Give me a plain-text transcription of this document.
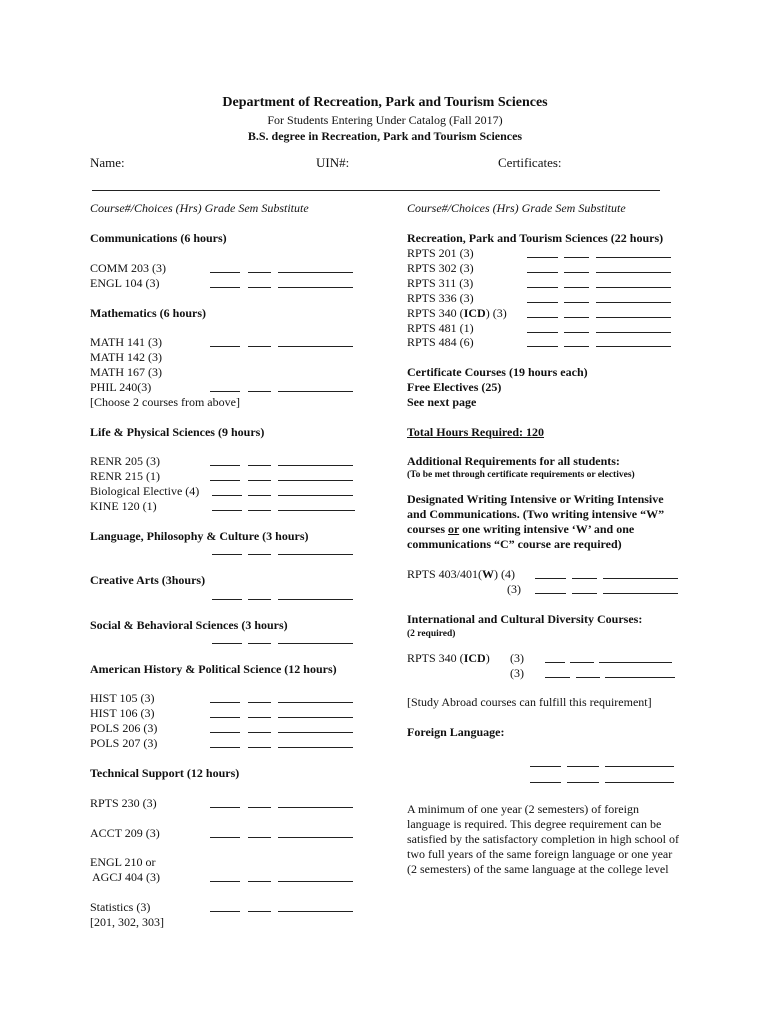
Department of Recreation, Park and Tourism Sciences

For Students Entering Under Catalog (Fall 2017)

B.S. degree in Recreation, Park and Tourism Sciences

Name:	UIN#:	Certificates:
Course#/Choices (Hrs) Grade Sem Substitute	Course#/Choices (Hrs) Grade Sem Substitute
Communications (6 hours)
COMM 203 (3)
ENGL 104 (3)
Mathematics (6 hours)
MATH 141 (3)
MATH 142 (3)
MATH 167 (3)
PHIL 240(3)
[Choose 2 courses from above]
Life & Physical Sciences (9 hours)
RENR 205 (3)
RENR 215 (1)
Biological Elective (4)
KINE 120 (1)
Language, Philosophy & Culture (3 hours)
Creative Arts (3hours)
Social & Behavioral Sciences (3 hours)
American History & Political Science (12 hours)
HIST 105 (3)
HIST 106 (3)
POLS 206 (3)
POLS 207 (3)
Technical Support (12 hours)
RPTS 230 (3)
ACCT 209 (3)
ENGL 210 or
AGCJ 404 (3)
Statistics (3)
[201, 302, 303]
Recreation, Park and Tourism Sciences (22 hours)
RPTS 201 (3)
RPTS 302 (3)
RPTS 311 (3)
RPTS 336 (3)
RPTS 340 (ICD) (3)
RPTS 481 (1)
RPTS 484 (6)
Certificate Courses (19 hours each)
Free Electives (25)
See next page
Total Hours Required: 120
Additional Requirements for all students:
(To be met through certificate requirements or electives)
Designated Writing Intensive or Writing Intensive
and Communications. (Two writing intensive “W”
courses or one writing intensive ‘W’ and one
communications “C” course are required)
RPTS 403/401(W) (4)
(3)
International and Cultural Diversity Courses:
(2 required)
RPTS 340 (ICD) (3)
(3)
[Study Abroad courses can fulfill this requirement]
Foreign Language:
A minimum of one year (2 semesters) of foreign language is required. This degree requirement can be satisfied by the satisfactory completion in high school of two full years of the same foreign language or one year (2 semesters) of the same language at the college level
